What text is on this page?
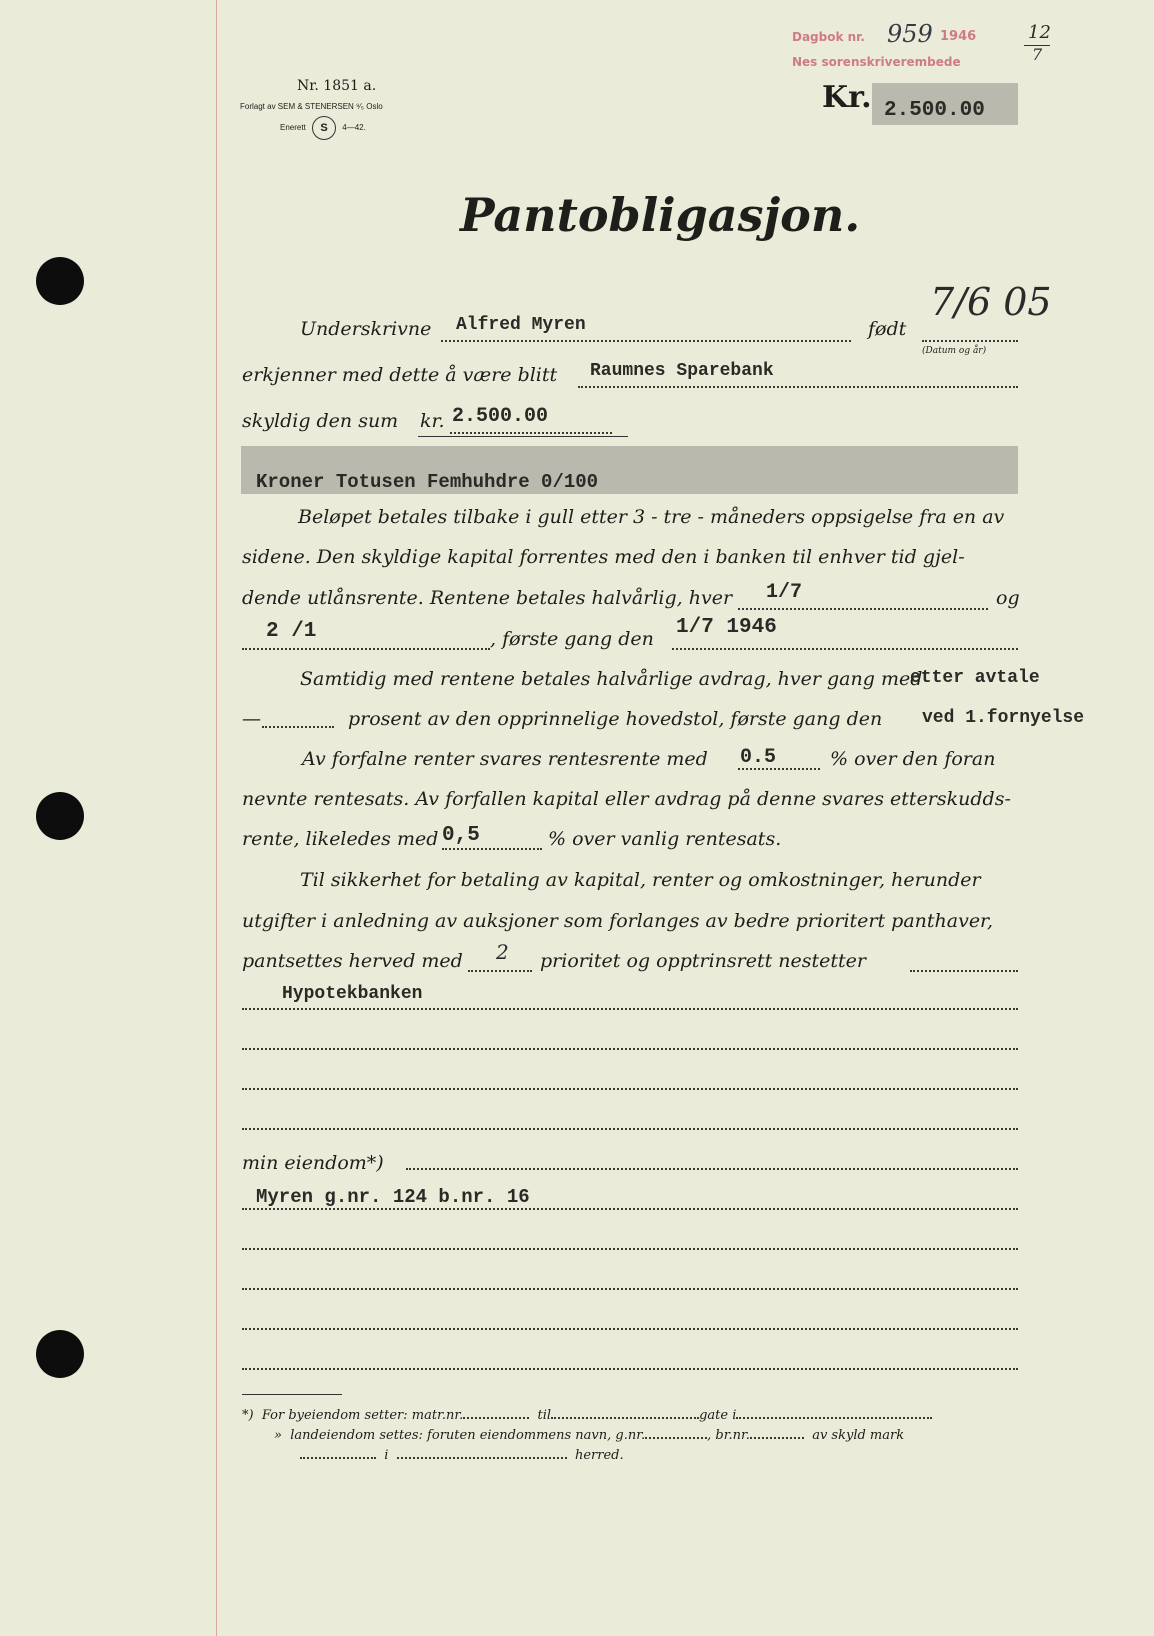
Nr. 1851 a.
Forlagt av SEM & STENERSEN ⁹⁄₅ Oslo
Enerett S 4—42.
Dagbok nr. 959 1946	12
7
Nes sorenskriverembede
Kr. 2.500.00
Pantobligasjon.
Underskrivne Alfred Myren	født
7/6 05
(Datum og år)
erkjenner med dette å være blitt Raumnes Sparebank
skyldig den sum kr. 2.500.00
Kroner Totusen Femhuhdre 0/100
Beløpet betales tilbake i gull etter 3 - tre - måneders oppsigelse fra en av
sidene. Den skyldige kapital forrentes med den i banken til enhver tid gjel-
dende utlånsrente. Rentene betales halvårlig, hver 1/7	og
2 /1	, første gang den 1/7 1946
Samtidig med rentene betales halvårlige avdrag, hver gang med
etter avtale
—	prosent av den opprinnelige hovedstol, første gang den ved 1.fornyelse
Av forfalne renter svares rentesrente med 0.5	% over den foran
nevnte rentesats. Av forfallen kapital eller avdrag på denne svares etterskudds-
rente, likeledes med 0,5	% over vanlig rentesats.
Til sikkerhet for betaling av kapital, renter og omkostninger, herunder
utgifter i anledning av auksjoner som forlanges av bedre prioritert panthaver,
pantsettes herved med 2 prioritet og opptrinsrett nestetter
Hypotekbanken
min eiendom*)
Myren g.nr. 124 b.nr. 16
*) For byeiendom setter: matr.nr.	til	gate i
» landeiendom settes: foruten eiendommens navn, g.nr.	, br.nr.	av skyld mark
i	herred.
